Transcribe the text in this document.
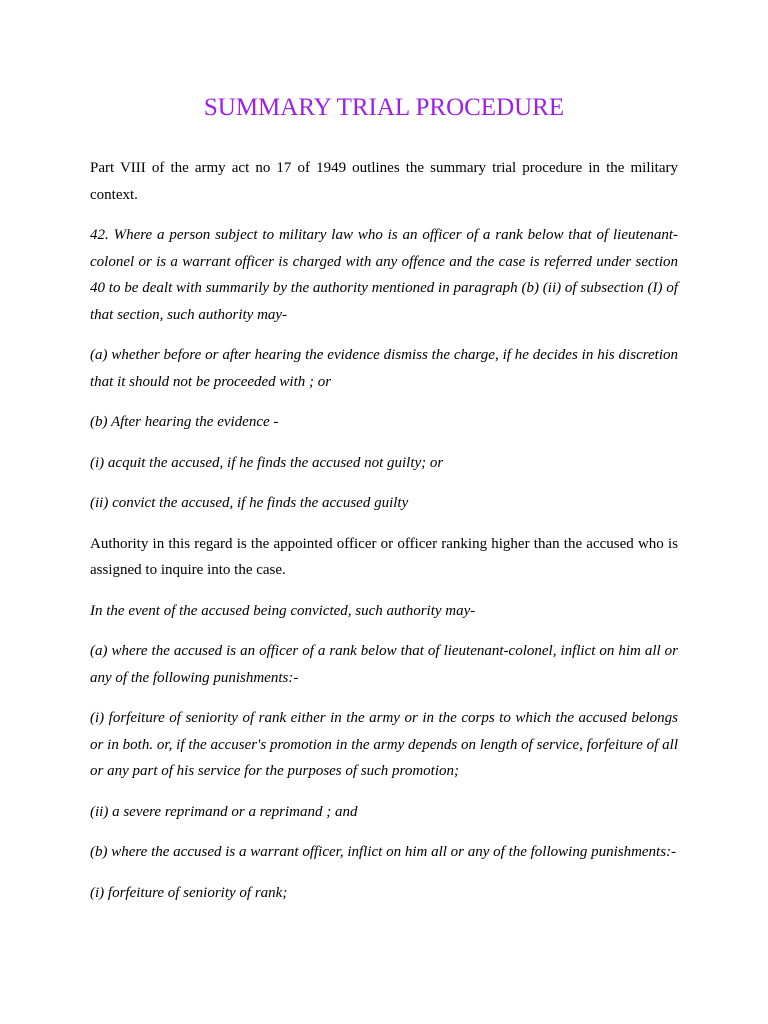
SUMMARY TRIAL PROCEDURE

Part VIII of the army act no 17 of 1949 outlines the summary trial procedure in the military context.

42. Where a person subject to military law who is an officer of a rank below that of lieutenant-colonel or is a warrant officer is charged with any offence and the case is referred under section 40 to be dealt with summarily by the authority mentioned in paragraph (b) (ii) of subsection (I) of that section, such authority may-

(a) whether before or after hearing the evidence dismiss the charge, if he decides in his discretion that it should not be proceeded with ; or

(b) After hearing the evidence -

(i) acquit the accused, if he finds the accused not guilty; or

(ii) convict the accused, if he finds the accused guilty

Authority in this regard is the appointed officer or officer ranking higher than the accused who is assigned to inquire into the case.

In the event of the accused being convicted, such authority may-

(a) where the accused is an officer of a rank below that of lieutenant-colonel, inflict on him all or any of the following punishments:-

(i) forfeiture of seniority of rank either in the army or in the corps to which the accused belongs or in both. or, if the accuser's promotion in the army depends on length of service, forfeiture of all or any part of his service for the purposes of such promotion;

(ii) a severe reprimand or a reprimand ; and

(b) where the accused is a warrant officer, inflict on him all or any of the following punishments:-

(i) forfeiture of seniority of rank;
